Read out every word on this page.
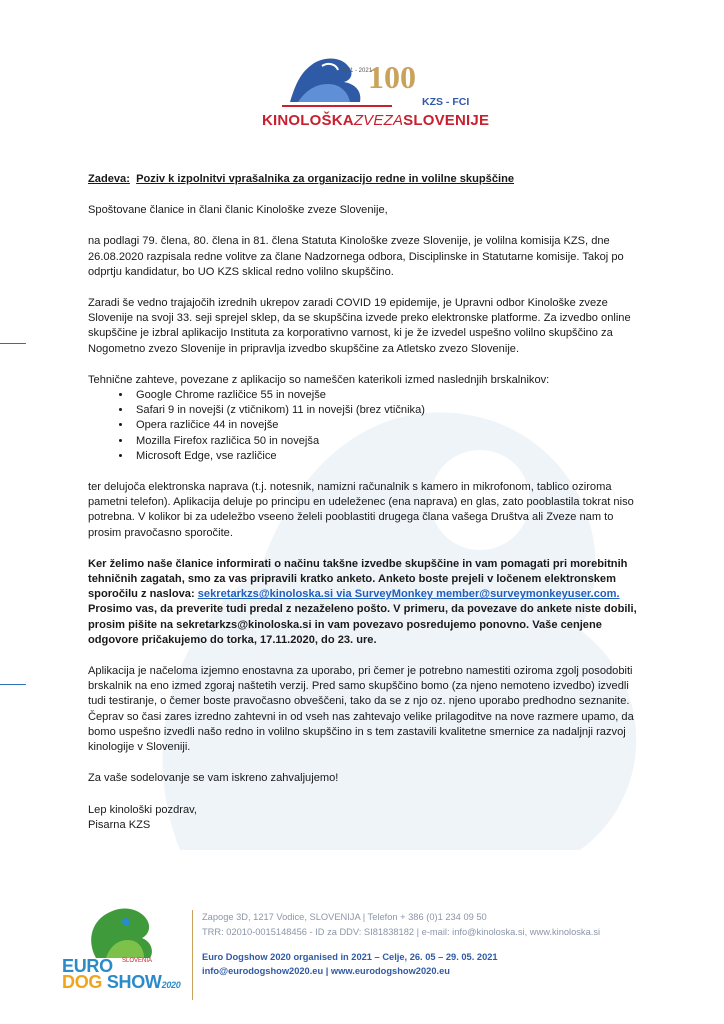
1921 - 2021
100
KZS - FCI
KINOLOŠKAZVEZASLOVENIJE

Zadeva: Poziv k izpolnitvi vprašalnika za organizacijo redne in volilne skupščine

Spoštovane članice in člani članic Kinološke zveze Slovenije,

na podlagi 79. člena, 80. člena in 81. člena Statuta Kinološke zveze Slovenije, je volilna komisija KZS, dne 26.08.2020 razpisala redne volitve za člane Nadzornega odbora, Disciplinske in Statutarne komisije. Takoj po odprtju kandidatur, bo UO KZS sklical redno volilno skupščino.

Zaradi še vedno trajajočih izrednih ukrepov zaradi COVID 19 epidemije, je Upravni odbor Kinološke zveze Slovenije na svoji 33. seji sprejel sklep, da se skupščina izvede preko elektronske platforme. Za izvedbo online skupščine je izbral aplikacijo Instituta za korporativno varnost, ki je že izvedel uspešno volilno skupščino za Nogometno zvezo Slovenije in pripravlja izvedbo skupščine za Atletsko zvezo Slovenije.

Tehnične zahteve, povezane z aplikacijo so nameščen katerikoli izmed naslednjih brskalnikov:

• Google Chrome različice 55 in novejše
• Safari 9 in novejši (z vtičnikom) 11 in novejši (brez vtičnika)
• Opera različice 44 in novejše
• Mozilla Firefox različica 50 in novejša
• Microsoft Edge, vse različice

ter delujoča elektronska naprava (t.j. notesnik, namizni računalnik s kamero in mikrofonom, tablico oziroma pametni telefon). Aplikacija deluje po principu en udeleženec (ena naprava) en glas, zato pooblastila tokrat niso potrebna. V kolikor bi za udeležbo vseeno želeli pooblastiti drugega člana vašega Društva ali Zveze nam to prosim pravočasno sporočite.

Ker želimo naše članice informirati o načinu takšne izvedbe skupščine in vam pomagati pri morebitnih tehničnih zagatah, smo za vas pripravili kratko anketo. Anketo boste prejeli v ločenem elektronskem sporočilu z naslova: sekretarkzs@kinoloska.si via SurveyMonkey member@surveymonkeyuser.com. Prosimo vas, da preverite tudi predal z nezaželeno pošto. V primeru, da povezave do ankete niste dobili, prosim pišite na sekretarkzs@kinoloska.si in vam povezavo posredujemo ponovno. Vaše cenjene odgovore pričakujemo do torka, 17.11.2020, do 23. ure.

Aplikacija je načeloma izjemno enostavna za uporabo, pri čemer je potrebno namestiti oziroma zgolj posodobiti brskalnik na eno izmed zgoraj naštetih verzij. Pred samo skupščino bomo (za njeno nemoteno izvedbo) izvedli tudi testiranje, o čemer boste pravočasno obveščeni, tako da se z njo oz. njeno uporabo predhodno seznanite. Čeprav so časi zares izredno zahtevni in od vseh nas zahtevajo velike prilagoditve na nove razmere upamo, da bomo uspešno izvedli našo redno in volilno skupščino in s tem zastavili kvalitetne smernice za nadaljnji razvoj kinologije v Sloveniji.

Za vaše sodelovanje se vam iskreno zahvaljujemo!

Lep kinološki pozdrav,

Pisarna KZS

EURO
DOG SHOW2020
SLOVENIA
Zapoge 3D, 1217 Vodice, SLOVENIJA | Telefon + 386 (0)1 234 09 50
TRR: 02010-0015148456 - ID za DDV: SI81838182 | e-mail: info@kinoloska.si, www.kinoloska.si
Euro Dogshow 2020 organised in 2021 – Celje, 26. 05 – 29. 05. 2021
info@eurodogshow2020.eu | www.eurodogshow2020.eu
